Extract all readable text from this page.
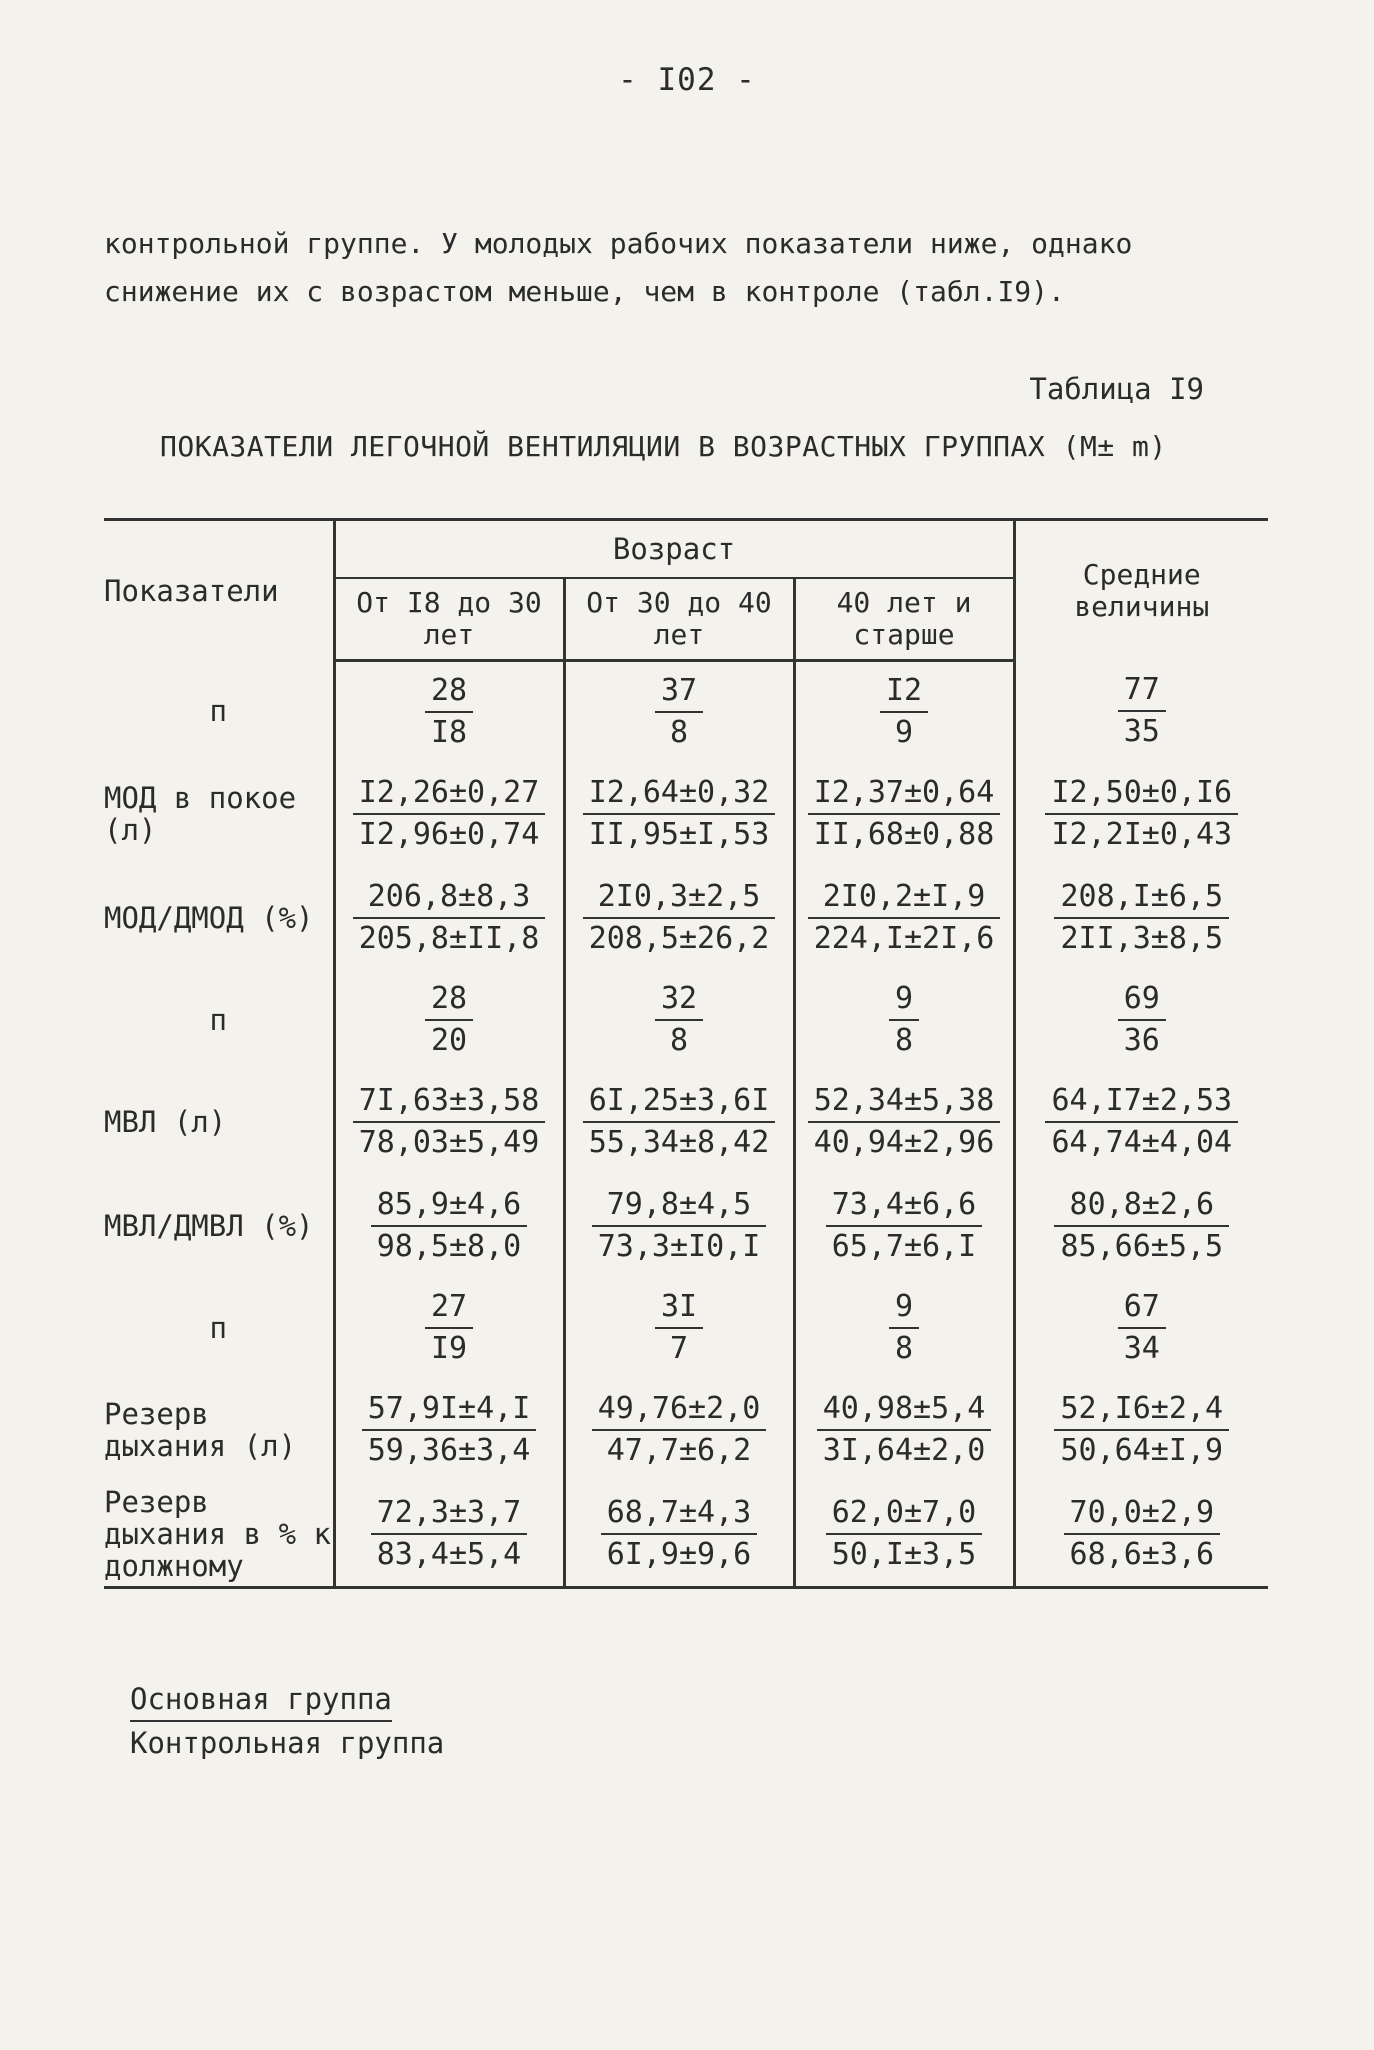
- I02 -
контрольной группе. У молодых рабочих показатели ниже, однако
снижение их с возрастом меньше, чем в контроле (табл.I9).
Таблица I9
ПОКАЗАТЕЛИ ЛЕГОЧНОЙ ВЕНТИЛЯЦИИ В ВОЗРАСТНЫХ ГРУППАХ (M± m)
Показатели	Возраст			Средние
величины
	От I8 до 30 лет	От 30 до 40 лет	40 лет и старше	
п	$\frac{28}{I8}$	$\frac{37}{8}$	$\frac{I2}{9}$	$\frac{77}{35}$

МОД в покое (л)	$\frac{I2,26\pm 0,27}{I2,96\pm 0,74}$	$\frac{I2,64\pm 0,32}{II,95\pm I,53}$	$\frac{I2,37\pm 0,64}{II,68\pm 0,88}$	$\frac{I2,50\pm 0,I6}{I2,2I\pm 0,43}$

МОД/ДМОД (%)	$\frac{206,8\pm 8,3}{205,8\pm II,8}$	$\frac{2I0,3\pm 2,5}{208,5\pm 26,2}$	$\frac{2I0,2\pm I,9}{224,I\pm 2I,6}$	$\frac{208,I\pm 6,5}{2II,3\pm 8,5}$

п	$\frac{28}{20}$	$\frac{32}{8}$	$\frac{9}{8}$	$\frac{69}{36}$

МВЛ (л)	$\frac{7I,63\pm 3,58}{78,03\pm 5,49}$	$\frac{6I,25\pm 3,6I}{55,34\pm 8,42}$	$\frac{52,34\pm 5,38}{40,94\pm 2,96}$	$\frac{64,I7\pm 2,53}{64,74\pm 4,04}$

МВЛ/ДМВЛ (%)	$\frac{85,9\pm 4,6}{98,5\pm 8,0}$	$\frac{79,8\pm 4,5}{73,3\pm I0,I}$	$\frac{73,4\pm 6,6}{65,7\pm 6,I}$	$\frac{80,8\pm 2,6}{85,66\pm 5,5}$

п	$\frac{27}{I9}$	$\frac{3I}{7}$	$\frac{9}{8}$	$\frac{67}{34}$

Резерв дыхания (л)	$\frac{57,9I\pm 4,I}{59,36\pm 3,4}$	$\frac{49,76\pm 2,0}{47,7\pm 6,2}$	$\frac{40,98\pm 5,4}{3I,64\pm 2,0}$	$\frac{52,I6\pm 2,4}{50,64\pm I,9}$

Резерв дыхания в % к должному	$\frac{72,3\pm 3,7}{83,4\pm 5,4}$	$\frac{68,7\pm 4,3}{6I,9\pm 9,6}$	$\frac{62,0\pm 7,0}{50,I\pm 3,5}$	$\frac{70,0\pm 2,9}{68,6\pm 3,6}$
Основная группа
Контрольная группа
